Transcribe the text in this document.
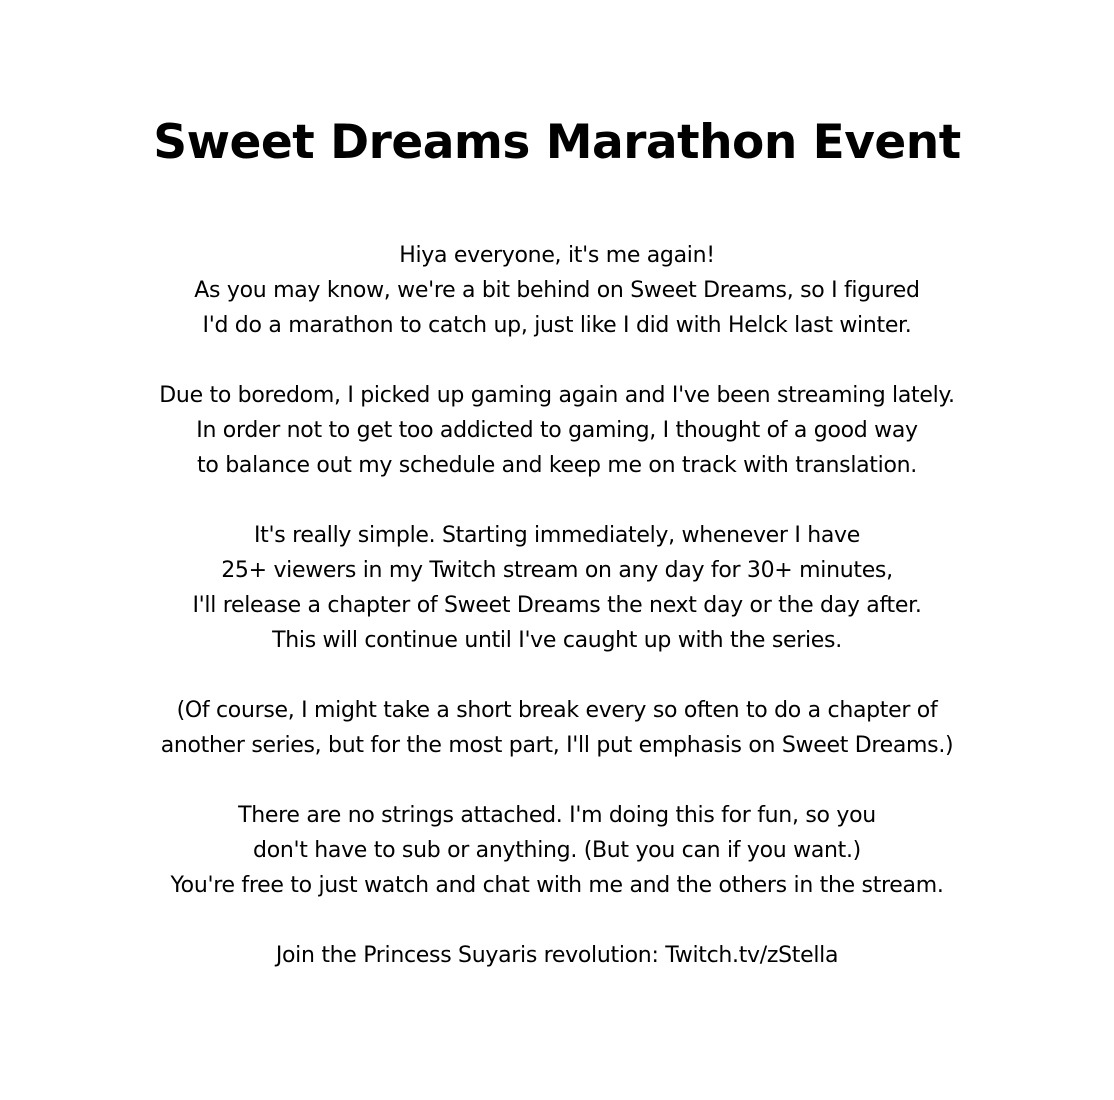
Sweet Dreams Marathon Event

Hiya everyone, it's me again!
As you may know, we're a bit behind on Sweet Dreams, so I figured
I'd do a marathon to catch up, just like I did with Helck last winter.

Due to boredom, I picked up gaming again and I've been streaming lately.
In order not to get too addicted to gaming, I thought of a good way
to balance out my schedule and keep me on track with translation.

It's really simple. Starting immediately, whenever I have
25+ viewers in my Twitch stream on any day for 30+ minutes,
I'll release a chapter of Sweet Dreams the next day or the day after.
This will continue until I've caught up with the series.

(Of course, I might take a short break every so often to do a chapter of
another series, but for the most part, I'll put emphasis on Sweet Dreams.)

There are no strings attached. I'm doing this for fun, so you
don't have to sub or anything. (But you can if you want.)
You're free to just watch and chat with me and the others in the stream.

Join the Princess Suyaris revolution: Twitch.tv/zStella
